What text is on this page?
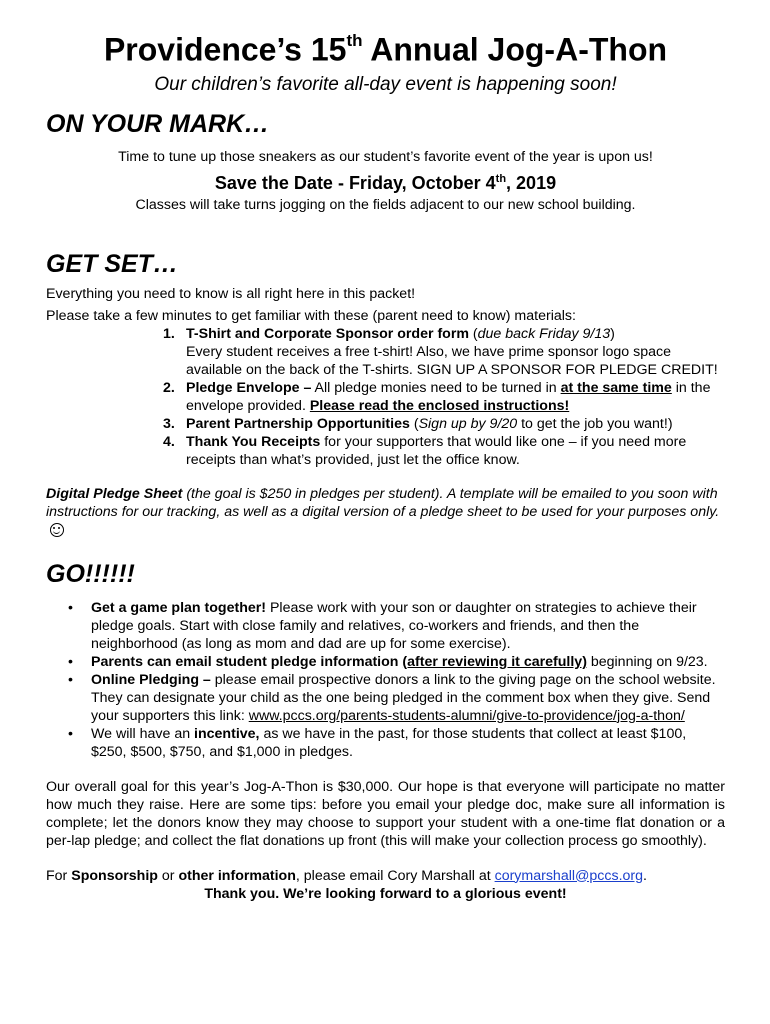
Providence’s 15th Annual Jog-A-Thon
Our children’s favorite all-day event is happening soon!
ON YOUR MARK…

Time to tune up those sneakers as our student’s favorite event of the year is upon us!

Save the Date - Friday, October 4th, 2019

Classes will take turns jogging on the fields adjacent to our new school building.

GET SET…

Everything you need to know is all right here in this packet!

Please take a few minutes to get familiar with these (parent need to know) materials:

1. T-Shirt and Corporate Sponsor order form (due back Friday 9/13)
Every student receives a free t-shirt! Also, we have prime sponsor logo space available on the back of the T-shirts. SIGN UP A SPONSOR FOR PLEDGE CREDIT!
2. Pledge Envelope – All pledge monies need to be turned in at the same time in the envelope provided. Please read the enclosed instructions!
3. Parent Partnership Opportunities (Sign up by 9/20 to get the job you want!)
4. Thank You Receipts for your supporters that would like one – if you need more receipts than what’s provided, just let the office know.

Digital Pledge Sheet (the goal is $250 in pledges per student). A template will be emailed to you soon with instructions for our tracking, as well as a digital version of a pledge sheet to be used for your purposes only.

GO!!!!!!
• Get a game plan together! Please work with your son or daughter on strategies to achieve their pledge goals. Start with close family and relatives, co-workers and friends, and then the neighborhood (as long as mom and dad are up for some exercise).
• Parents can email student pledge information (after reviewing it carefully) beginning on 9/23.
• Online Pledging – please email prospective donors a link to the giving page on the school website. They can designate your child as the one being pledged in the comment box when they give. Send your supporters this link: www.pccs.org/parents-students-alumni/give-to-providence/jog-a-thon/
• We will have an incentive, as we have in the past, for those students that collect at least $100, $250, $500, $750, and $1,000 in pledges.

Our overall goal for this year’s Jog-A-Thon is $30,000. Our hope is that everyone will participate no matter how much they raise. Here are some tips: before you email your pledge doc, make sure all information is complete; let the donors know they may choose to support your student with a one-time flat donation or a per-lap pledge; and collect the flat donations up front (this will make your collection process go smoothly).

For Sponsorship or other information, please email Cory Marshall at corymarshall@pccs.org.

Thank you. We’re looking forward to a glorious event!
